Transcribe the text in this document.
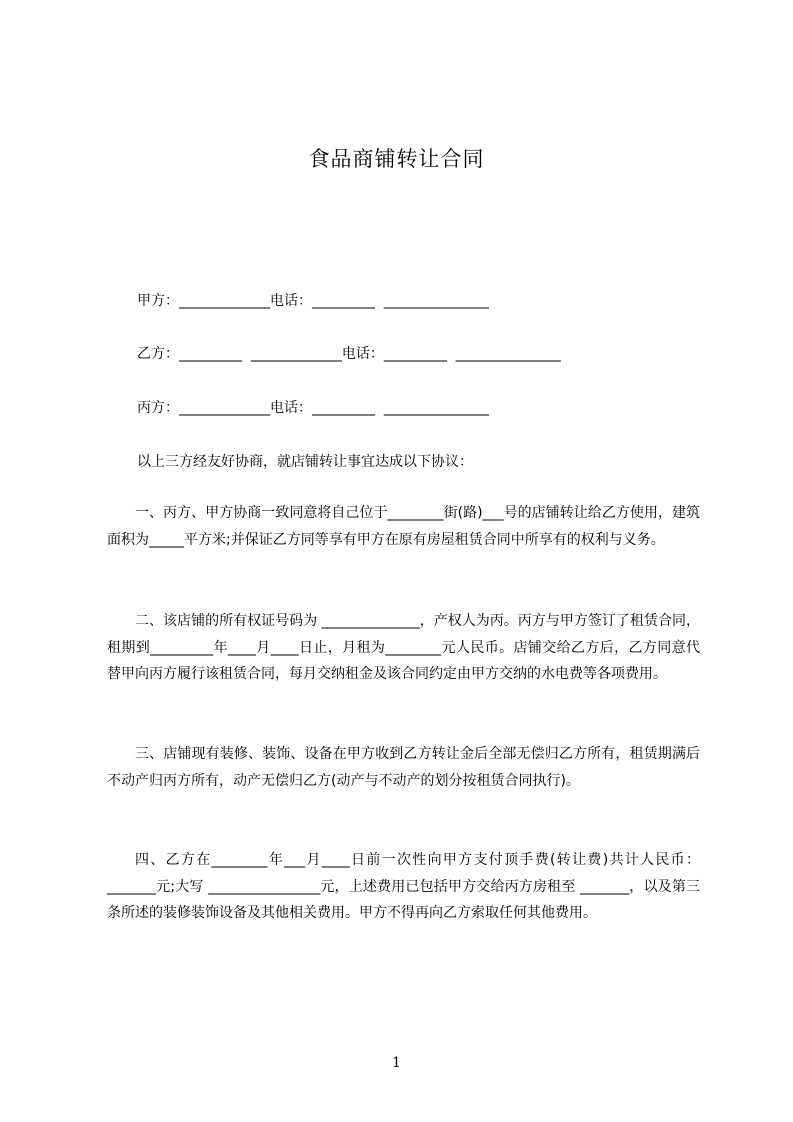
食品商铺转让合同
甲方：_____________电话：_________  _______________
乙方：_________  _____________电话：_________  _______________
丙方：_____________电话：_________  _______________
以上三方经友好协商，就店铺转让事宜达成以下协议：
一、丙方、甲方协商一致同意将自己位于________街(路)___号的店铺转让给乙方使用，建筑面积为_____平方米;并保证乙方同等享有甲方在原有房屋租赁合同中所享有的权利与义务。
二、该店铺的所有权证号码为 ______________，产权人为丙。丙方与甲方签订了租赁合同，租期到_________年____月____日止，月租为________元人民币。店铺交给乙方后，乙方同意代替甲向丙方履行该租赁合同，每月交纳租金及该合同约定由甲方交纳的水电费等各项费用。
三、店铺现有装修、装饰、设备在甲方收到乙方转让金后全部无偿归乙方所有，租赁期满后不动产归丙方所有，动产无偿归乙方(动产与不动产的划分按租赁合同执行)。
四、乙方在________年___月____日前一次性向甲方支付顶手费(转让费)共计人民币：_______元;大写 ________________元，上述费用已包括甲方交给丙方房租至 _______，以及第三条所述的装修装饰设备及其他相关费用。甲方不得再向乙方索取任何其他费用。
1
